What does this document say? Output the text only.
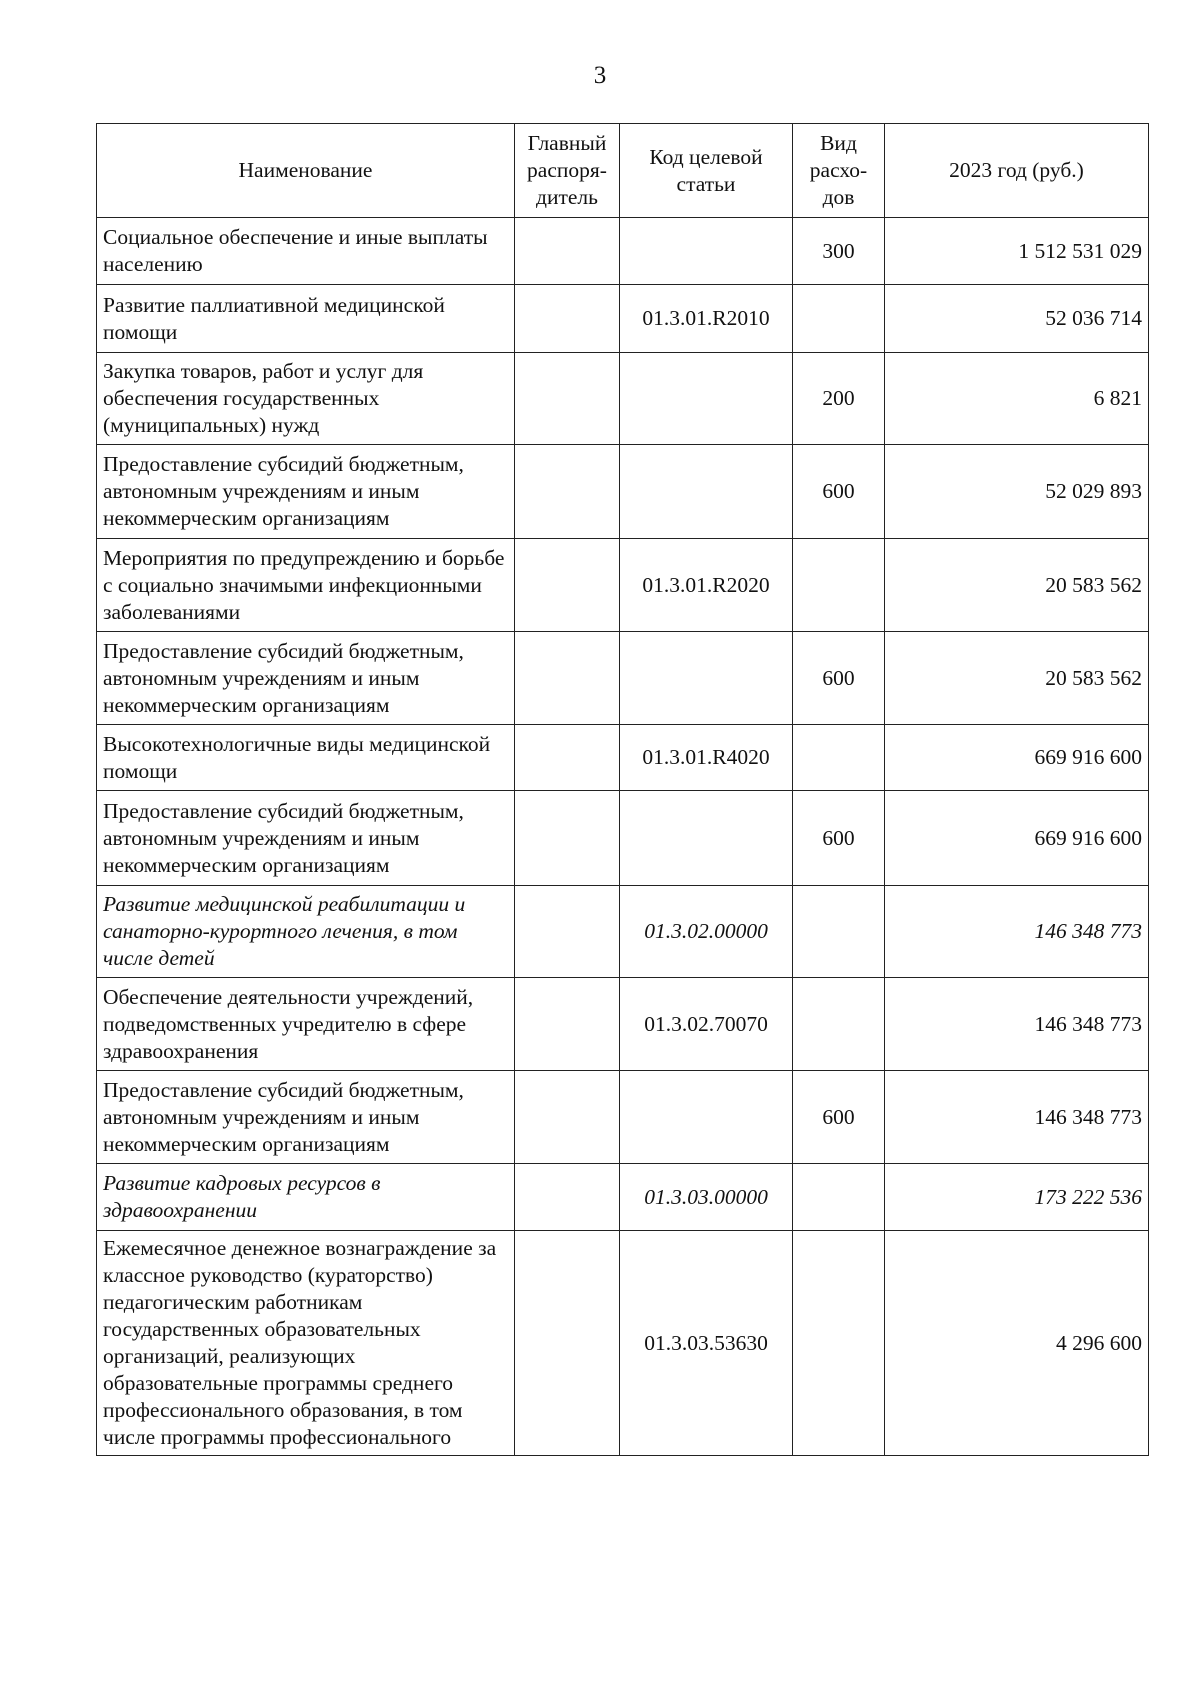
3
Наименование	Главный распоря-дитель	Код целевой статьи	Вид расхо-дов	2023 год (руб.)
Социальное обеспечение и иные выплаты населению			300	1 512 531 029
Развитие паллиативной медицинской помощи		01.3.01.R2010		52 036 714
Закупка товаров, работ и услуг для обеспечения государственных (муниципальных) нужд			200	6 821
Предоставление субсидий бюджетным, автономным учреждениям и иным некоммерческим организациям			600	52 029 893
Мероприятия по предупреждению и борьбе с социально значимыми инфекционными заболеваниями		01.3.01.R2020		20 583 562
Предоставление субсидий бюджетным, автономным учреждениям и иным некоммерческим организациям			600	20 583 562
Высокотехнологичные виды медицинской помощи		01.3.01.R4020		669 916 600
Предоставление субсидий бюджетным, автономным учреждениям и иным некоммерческим организациям			600	669 916 600
Развитие медицинской реабилитации и санаторно-курортного лечения, в том числе детей		01.3.02.00000		146 348 773
Обеспечение деятельности учреждений, подведомственных учредителю в сфере здравоохранения		01.3.02.70070		146 348 773
Предоставление субсидий бюджетным, автономным учреждениям и иным некоммерческим организациям			600	146 348 773
Развитие кадровых ресурсов в здравоохранении		01.3.03.00000		173 222 536
Ежемесячное денежное вознаграждение за классное руководство (кураторство) педагогическим работникам государственных образовательных организаций, реализующих образовательные программы среднего профессионального образования, в том числе программы профессионального		01.3.03.53630		4 296 600
